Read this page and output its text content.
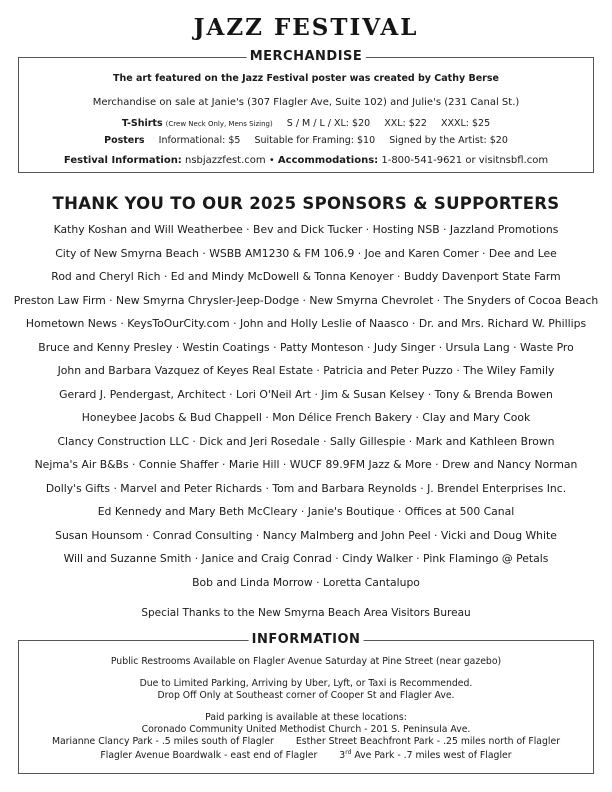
JAZZ FESTIVAL
MERCHANDISE
The art featured on the Jazz Festival poster was created by Cathy Berse
Merchandise on sale at Janie's (307 Flagler Ave, Suite 102) and Julie's (231 Canal St.)
T-Shirts (Crew Neck Only, Mens Sizing) S / M / L / XL: $20 XXL: $22 XXXL: $25
Posters Informational: $5 Suitable for Framing: $10 Signed by the Artist: $20
Festival Information: nsbjazzfest.com • Accommodations: 1-800-541-9621 or visitnsbfl.com
THANK YOU TO OUR 2025 SPONSORS & SUPPORTERS
Kathy Koshan and Will Weatherbee · Bev and Dick Tucker · Hosting NSB · Jazzland Promotions
City of New Smyrna Beach · WSBB AM1230 & FM 106.9 · Joe and Karen Comer · Dee and Lee
Rod and Cheryl Rich · Ed and Mindy McDowell & Tonna Kenoyer · Buddy Davenport State Farm
Preston Law Firm · New Smyrna Chrysler-Jeep-Dodge · New Smyrna Chevrolet · The Snyders of Cocoa Beach
Hometown News · KeysToOurCity.com · John and Holly Leslie of Naasco · Dr. and Mrs. Richard W. Phillips
Bruce and Kenny Presley · Westin Coatings · Patty Monteson · Judy Singer · Ursula Lang · Waste Pro
John and Barbara Vazquez of Keyes Real Estate · Patricia and Peter Puzzo · The Wiley Family
Gerard J. Pendergast, Architect · Lori O'Neil Art · Jim & Susan Kelsey · Tony & Brenda Bowen
Honeybee Jacobs & Bud Chappell · Mon Délice French Bakery · Clay and Mary Cook
Clancy Construction LLC · Dick and Jeri Rosedale · Sally Gillespie · Mark and Kathleen Brown
Nejma's Air B&Bs · Connie Shaffer · Marie Hill · WUCF 89.9FM Jazz & More · Drew and Nancy Norman
Dolly's Gifts · Marvel and Peter Richards · Tom and Barbara Reynolds · J. Brendel Enterprises Inc.
Ed Kennedy and Mary Beth McCleary · Janie's Boutique · Offices at 500 Canal
Susan Hounsom · Conrad Consulting · Nancy Malmberg and John Peel · Vicki and Doug White
Will and Suzanne Smith · Janice and Craig Conrad · Cindy Walker · Pink Flamingo @ Petals
Bob and Linda Morrow · Loretta Cantalupo
Special Thanks to the New Smyrna Beach Area Visitors Bureau
INFORMATION
Public Restrooms Available on Flagler Avenue Saturday at Pine Street (near gazebo)
Due to Limited Parking, Arriving by Uber, Lyft, or Taxi is Recommended.
Drop Off Only at Southeast corner of Cooper St and Flagler Ave.
Paid parking is available at these locations:
Coronado Community United Methodist Church - 201 S. Peninsula Ave.
Marianne Clancy Park - .5 miles south of Flagler Esther Street Beachfront Park - .25 miles north of Flagler
Flagler Avenue Boardwalk - east end of Flagler 3rd Ave Park - .7 miles west of Flagler
